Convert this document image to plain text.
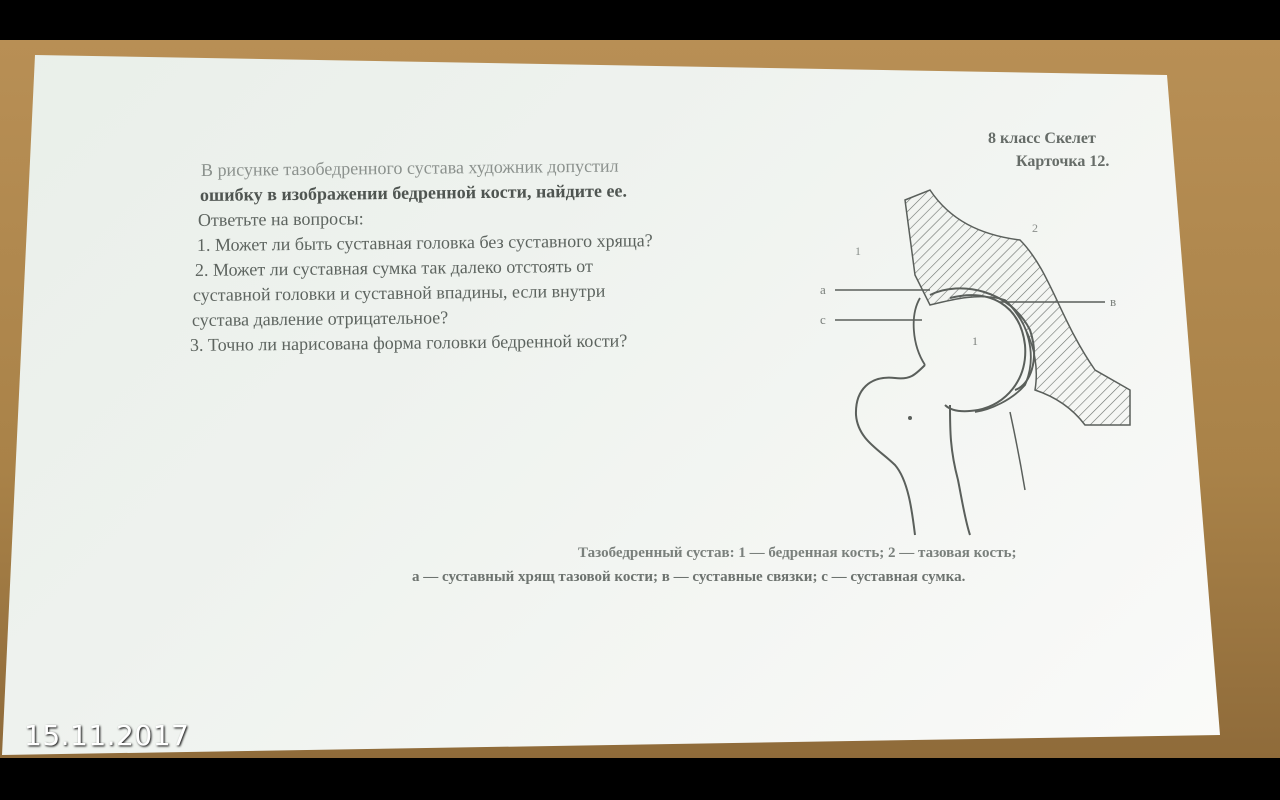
8 класс Скелет
Карточка 12.
В рисунке тазобедренного сустава художник допустил
ошибку в изображении бедренной кости, найдите ее.
Ответьте на вопросы:
1. Может ли быть суставная головка без суставного хряща?
2. Может ли суставная сумка так далеко отстоять от
суставной головки и суставной впадины, если внутри
сустава давление отрицательное?
3. Точно ли нарисована форма головки бедренной кости?
1
2
а
с
в
1
Тазобедренный сустав: 1 — бедренная кость; 2 — тазовая кость;
а — суставный хрящ тазовой кости; в — суставные связки; с — суставная сумка.
15.11.2017
